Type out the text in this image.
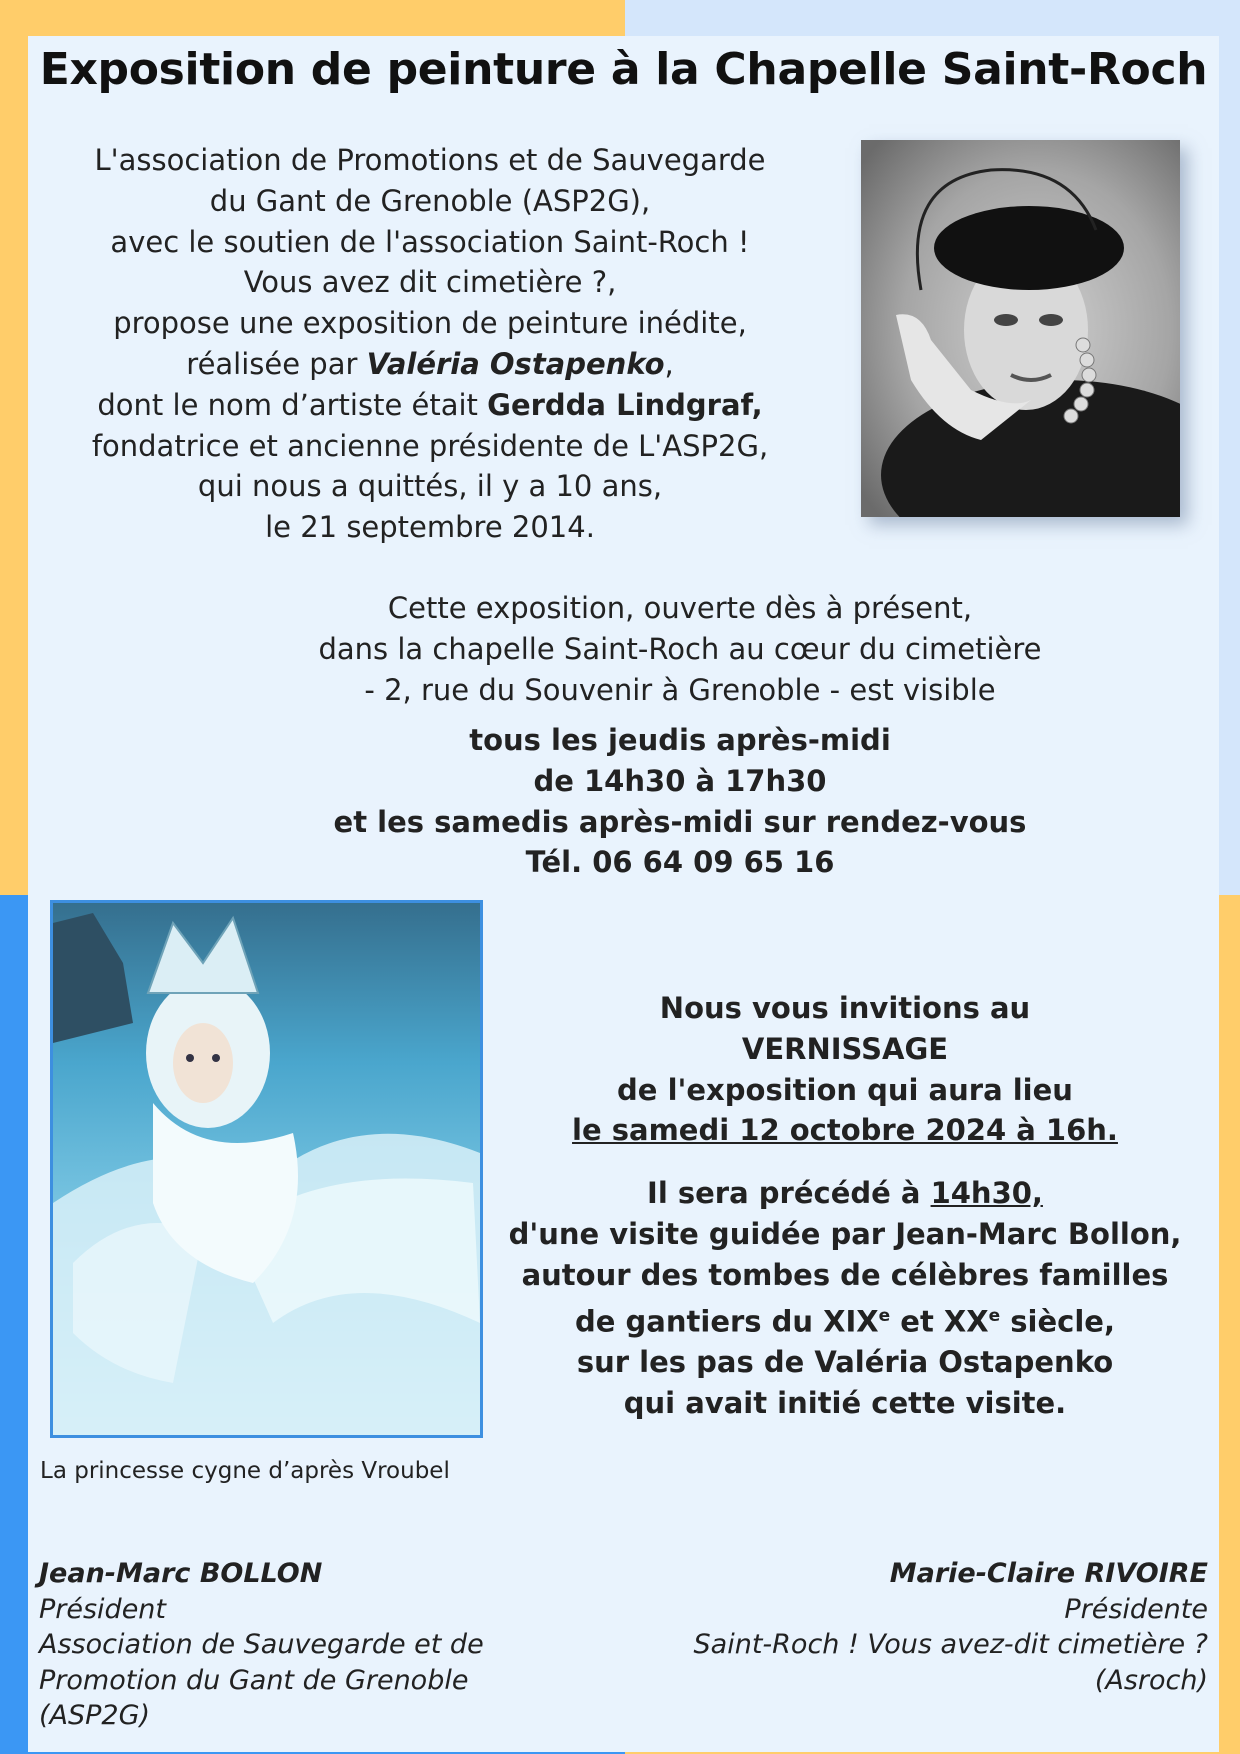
Exposition de peinture à la Chapelle Saint-Roch
L'association de Promotions et de Sauvegarde
du Gant de Grenoble (ASP2G),
avec le soutien de l'association Saint-Roch !
Vous avez dit cimetière ?,
propose une exposition de peinture inédite,
réalisée par Valéria Ostapenko,
dont le nom d’artiste était Gerdda Lindgraf,
fondatrice et ancienne présidente de L'ASP2G,
qui nous a quittés, il y a 10 ans,
le 21 septembre 2014.
Cette exposition, ouverte dès à présent,
dans la chapelle Saint-Roch au cœur du cimetière
- 2, rue du Souvenir à Grenoble - est visible
tous les jeudis après-midi
de 14h30 à 17h30
et les samedis après-midi sur rendez-vous
Tél. 06 64 09 65 16
La princesse cygne d’après Vroubel
Nous vous invitions au
VERNISSAGE
de l'exposition qui aura lieu
le samedi 12 octobre 2024 à 16h.
Il sera précédé à 14h30,
d'une visite guidée par Jean-Marc Bollon,
autour des tombes de célèbres familles
de gantiers du XIXe et XXe siècle,
sur les pas de Valéria Ostapenko
qui avait initié cette visite.
Jean-Marc BOLLON
Président
Association de Sauvegarde et de
Promotion du Gant de Grenoble
(ASP2G)
Marie-Claire RIVOIRE
Présidente
Saint-Roch ! Vous avez-dit cimetière ?
(Asroch)
